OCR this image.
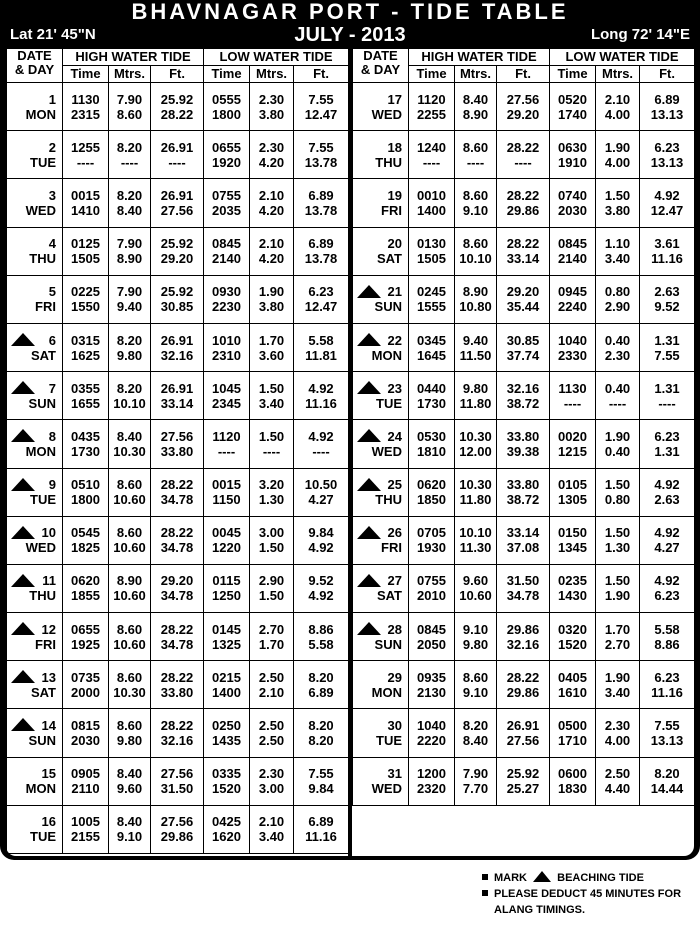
BHAVNAGAR PORT - TIDE TABLE
Lat 21' 45"N	JULY - 2013	Long 72' 14"E
DATE
& DAY	HIGH WATER TIDE			LOW WATER TIDE		
	Time	Mtrs.	Ft.	Time	Mtrs.	Ft.
1	1130	7.90	25.92	0555	2.30	7.55
MON	2315	8.60	28.22	1800	3.80	12.47
2	1255	8.20	26.91	0655	2.30	7.55
TUE	----	----	----	1920	4.20	13.78
3	0015	8.20	26.91	0755	2.10	6.89
WED	1410	8.40	27.56	2035	4.20	13.78
4	0125	7.90	25.92	0845	2.10	6.89
THU	1505	8.90	29.20	2140	4.20	13.78
5	0225	7.90	25.92	0930	1.90	6.23
FRI	1550	9.40	30.85	2230	3.80	12.47

6	0315	8.20	26.91	1010	1.70	5.58
SAT	1625	9.80	32.16	2310	3.60	11.81

7	0355	8.20	26.91	1045	1.50	4.92
SUN	1655	10.10	33.14	2345	3.40	11.16

8	0435	8.40	27.56	1120	1.50	4.92
MON	1730	10.30	33.80	----	----	----

9	0510	8.60	28.22	0015	3.20	10.50
TUE	1800	10.60	34.78	1150	1.30	4.27

10	0545	8.60	28.22	0045	3.00	9.84
WED	1825	10.60	34.78	1220	1.50	4.92

11	0620	8.90	29.20	0115	2.90	9.52
THU	1855	10.60	34.78	1250	1.50	4.92

12	0655	8.60	28.22	0145	2.70	8.86
FRI	1925	10.60	34.78	1325	1.70	5.58

13	0735	8.60	28.22	0215	2.50	8.20
SAT	2000	10.30	33.80	1400	2.10	6.89

14	0815	8.60	28.22	0250	2.50	8.20
SUN	2030	9.80	32.16	1435	2.50	8.20
15	0905	8.40	27.56	0335	2.30	7.55
MON	2110	9.60	31.50	1520	3.00	9.84
16	1005	8.40	27.56	0425	2.10	6.89
TUE	2155	9.10	29.86	1620	3.40	11.16
DATE
& DAY	HIGH WATER TIDE			LOW WATER TIDE		
	Time	Mtrs.	Ft.	Time	Mtrs.	Ft.
17	1120	8.40	27.56	0520	2.10	6.89
WED	2255	8.90	29.20	1740	4.00	13.13
18	1240	8.60	28.22	0630	1.90	6.23
THU	----	----	----	1910	4.00	13.13
19	0010	8.60	28.22	0740	1.50	4.92
FRI	1400	9.10	29.86	2030	3.80	12.47
20	0130	8.60	28.22	0845	1.10	3.61
SAT	1505	10.10	33.14	2140	3.40	11.16

21	0245	8.90	29.20	0945	0.80	2.63
SUN	1555	10.80	35.44	2240	2.90	9.52

22	0345	9.40	30.85	1040	0.40	1.31
MON	1645	11.50	37.74	2330	2.30	7.55

23	0440	9.80	32.16	1130	0.40	1.31
TUE	1730	11.80	38.72	----	----	----

24	0530	10.30	33.80	0020	1.90	6.23
WED	1810	12.00	39.38	1215	0.40	1.31

25	0620	10.30	33.80	0105	1.50	4.92
THU	1850	11.80	38.72	1305	0.80	2.63

26	0705	10.10	33.14	0150	1.50	4.92
FRI	1930	11.30	37.08	1345	1.30	4.27

27	0755	9.60	31.50	0235	1.50	4.92
SAT	2010	10.60	34.78	1430	1.90	6.23

28	0845	9.10	29.86	0320	1.70	5.58
SUN	2050	9.80	32.16	1520	2.70	8.86
29	0935	8.60	28.22	0405	1.90	6.23
MON	2130	9.10	29.86	1610	3.40	11.16
30	1040	8.20	26.91	0500	2.30	7.55
TUE	2220	8.40	27.56	1710	4.00	13.13
31	1200	7.90	25.92	0600	2.50	8.20
WED	2320	7.70	25.27	1830	4.40	14.44
MARK	BEACHING TIDE
PLEASE DEDUCT 45 MINUTES FOR
ALANG TIMINGS.
